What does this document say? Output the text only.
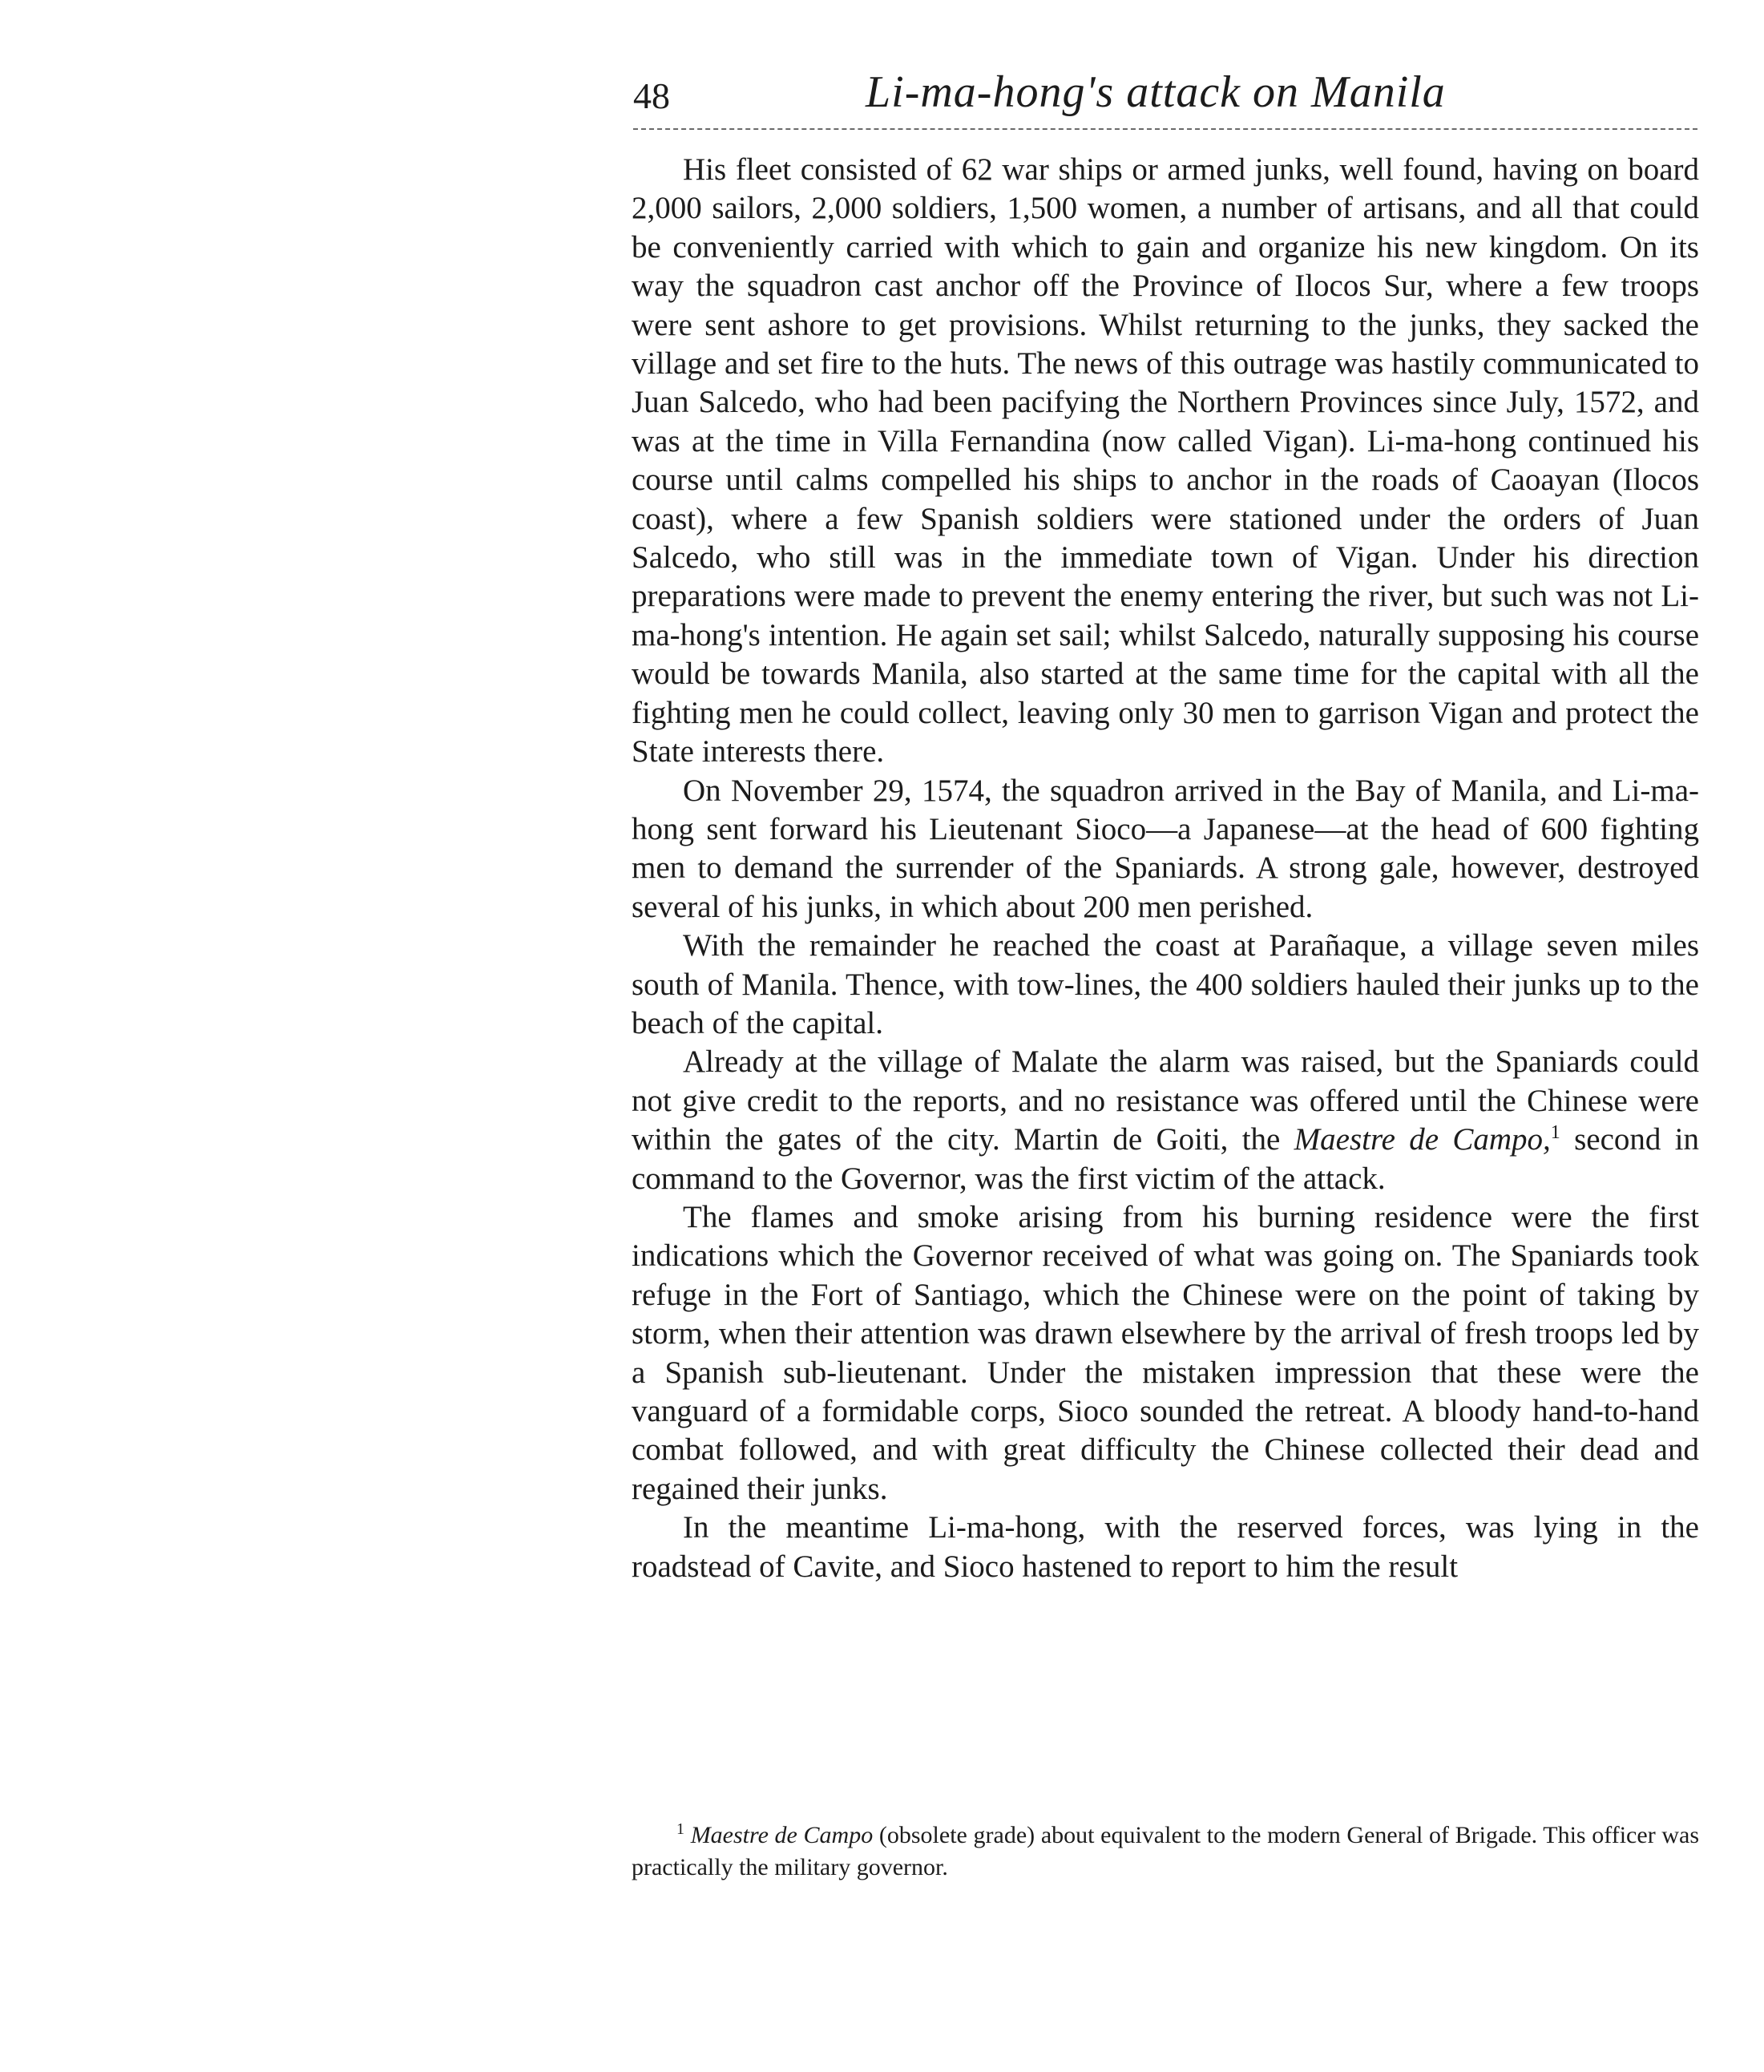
48	Li-ma-hong's attack on Manila

His fleet consisted of 62 war ships or armed junks, well found, having on board 2,000 sailors, 2,000 soldiers, 1,500 women, a number of artisans, and all that could be conveniently carried with which to gain and organize his new kingdom. On its way the squadron cast anchor off the Province of Ilocos Sur, where a few troops were sent ashore to get provisions. Whilst returning to the junks, they sacked the village and set fire to the huts. The news of this outrage was hastily communicated to Juan Salcedo, who had been pacifying the Northern Provinces since July, 1572, and was at the time in Villa Fernandina (now called Vigan). Li-ma-hong continued his course until calms compelled his ships to anchor in the roads of Caoayan (Ilocos coast), where a few Spanish soldiers were stationed under the orders of Juan Salcedo, who still was in the immediate town of Vigan. Under his direction preparations were made to prevent the enemy entering the river, but such was not Li-ma-hong's intention. He again set sail; whilst Salcedo, naturally supposing his course would be towards Manila, also started at the same time for the capital with all the fighting men he could collect, leaving only 30 men to garrison Vigan and protect the State interests there.

On November 29, 1574, the squadron arrived in the Bay of Manila, and Li-ma-hong sent forward his Lieutenant Sioco—a Japanese—at the head of 600 fighting men to demand the surrender of the Spaniards. A strong gale, however, destroyed several of his junks, in which about 200 men perished.

With the remainder he reached the coast at Parañaque, a village seven miles south of Manila. Thence, with tow-lines, the 400 soldiers hauled their junks up to the beach of the capital.

Already at the village of Malate the alarm was raised, but the Spaniards could not give credit to the reports, and no resistance was offered until the Chinese were within the gates of the city. Martin de Goiti, the Maestre de Campo,$^1$ second in command to the Governor, was the first victim of the attack.

The flames and smoke arising from his burning residence were the first indications which the Governor received of what was going on. The Spaniards took refuge in the Fort of Santiago, which the Chinese were on the point of taking by storm, when their attention was drawn elsewhere by the arrival of fresh troops led by a Spanish sub-lieutenant. Under the mistaken impression that these were the vanguard of a formidable corps, Sioco sounded the retreat. A bloody hand-to-hand combat followed, and with great difficulty the Chinese collected their dead and regained their junks.

In the meantime Li-ma-hong, with the reserved forces, was lying in the roadstead of Cavite, and Sioco hastened to report to him the result

$^1$ Maestre de Campo (obsolete grade) about equivalent to the modern General of Brigade. This officer was practically the military governor.
